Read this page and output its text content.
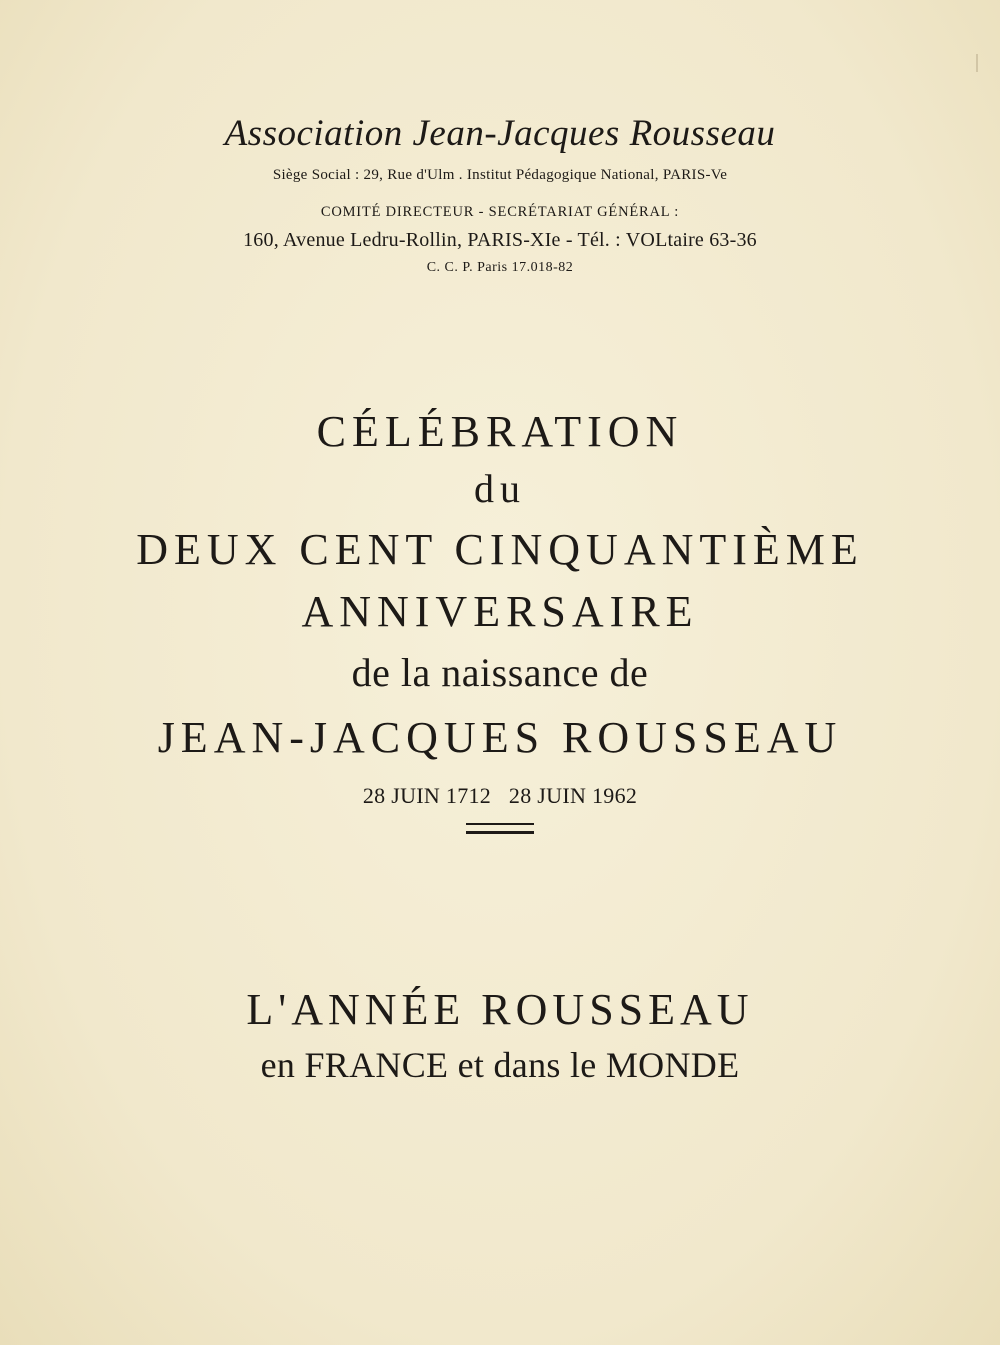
Association Jean-Jacques Rousseau
Siège Social : 29, Rue d'Ulm . Institut Pédagogique National, PARIS-Ve
COMITÉ DIRECTEUR - SECRÉTARIAT GÉNÉRAL :
160, Avenue Ledru-Rollin, PARIS-XIe - Tél. : VOLtaire 63-36
C. C. P. Paris 17.018-82
CÉLÉBRATION
du
DEUX CENT CINQUANTIÈME
ANNIVERSAIRE
de la naissance de
JEAN-JACQUES ROUSSEAU
28 JUIN 1712 28 JUIN 1962
L'ANNÉE ROUSSEAU
en FRANCE et dans le MONDE
